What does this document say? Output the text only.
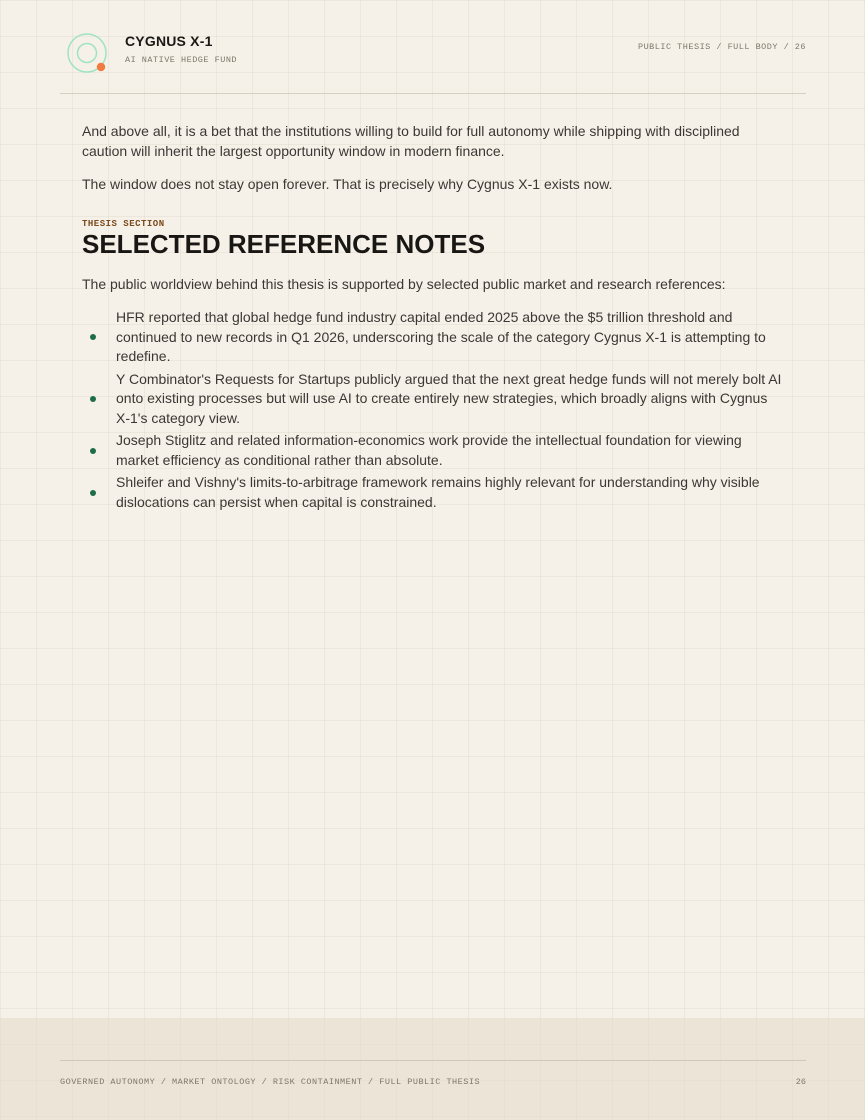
CYGNUS X-1
AI NATIVE HEDGE FUND
PUBLIC THESIS / FULL BODY / 26

And above all, it is a bet that the institutions willing to build for full autonomy while shipping with disciplined caution will inherit the largest opportunity window in modern finance.

The window does not stay open forever. That is precisely why Cygnus X-1 exists now.

THESIS SECTION
SELECTED REFERENCE NOTES

The public worldview behind this thesis is supported by selected public market and research references:

HFR reported that global hedge fund industry capital ended 2025 above the $5 trillion threshold and continued to new records in Q1 2026, underscoring the scale of the category Cygnus X-1 is attempting to redefine.
Y Combinator's Requests for Startups publicly argued that the next great hedge funds will not merely bolt AI onto existing processes but will use AI to create entirely new strategies, which broadly aligns with Cygnus X-1's category view.
Joseph Stiglitz and related information-economics work provide the intellectual foundation for viewing market efficiency as conditional rather than absolute.
Shleifer and Vishny's limits-to-arbitrage framework remains highly relevant for understanding why visible dislocations can persist when capital is constrained.
GOVERNED AUTONOMY / MARKET ONTOLOGY / RISK CONTAINMENT / FULL PUBLIC THESIS	26
